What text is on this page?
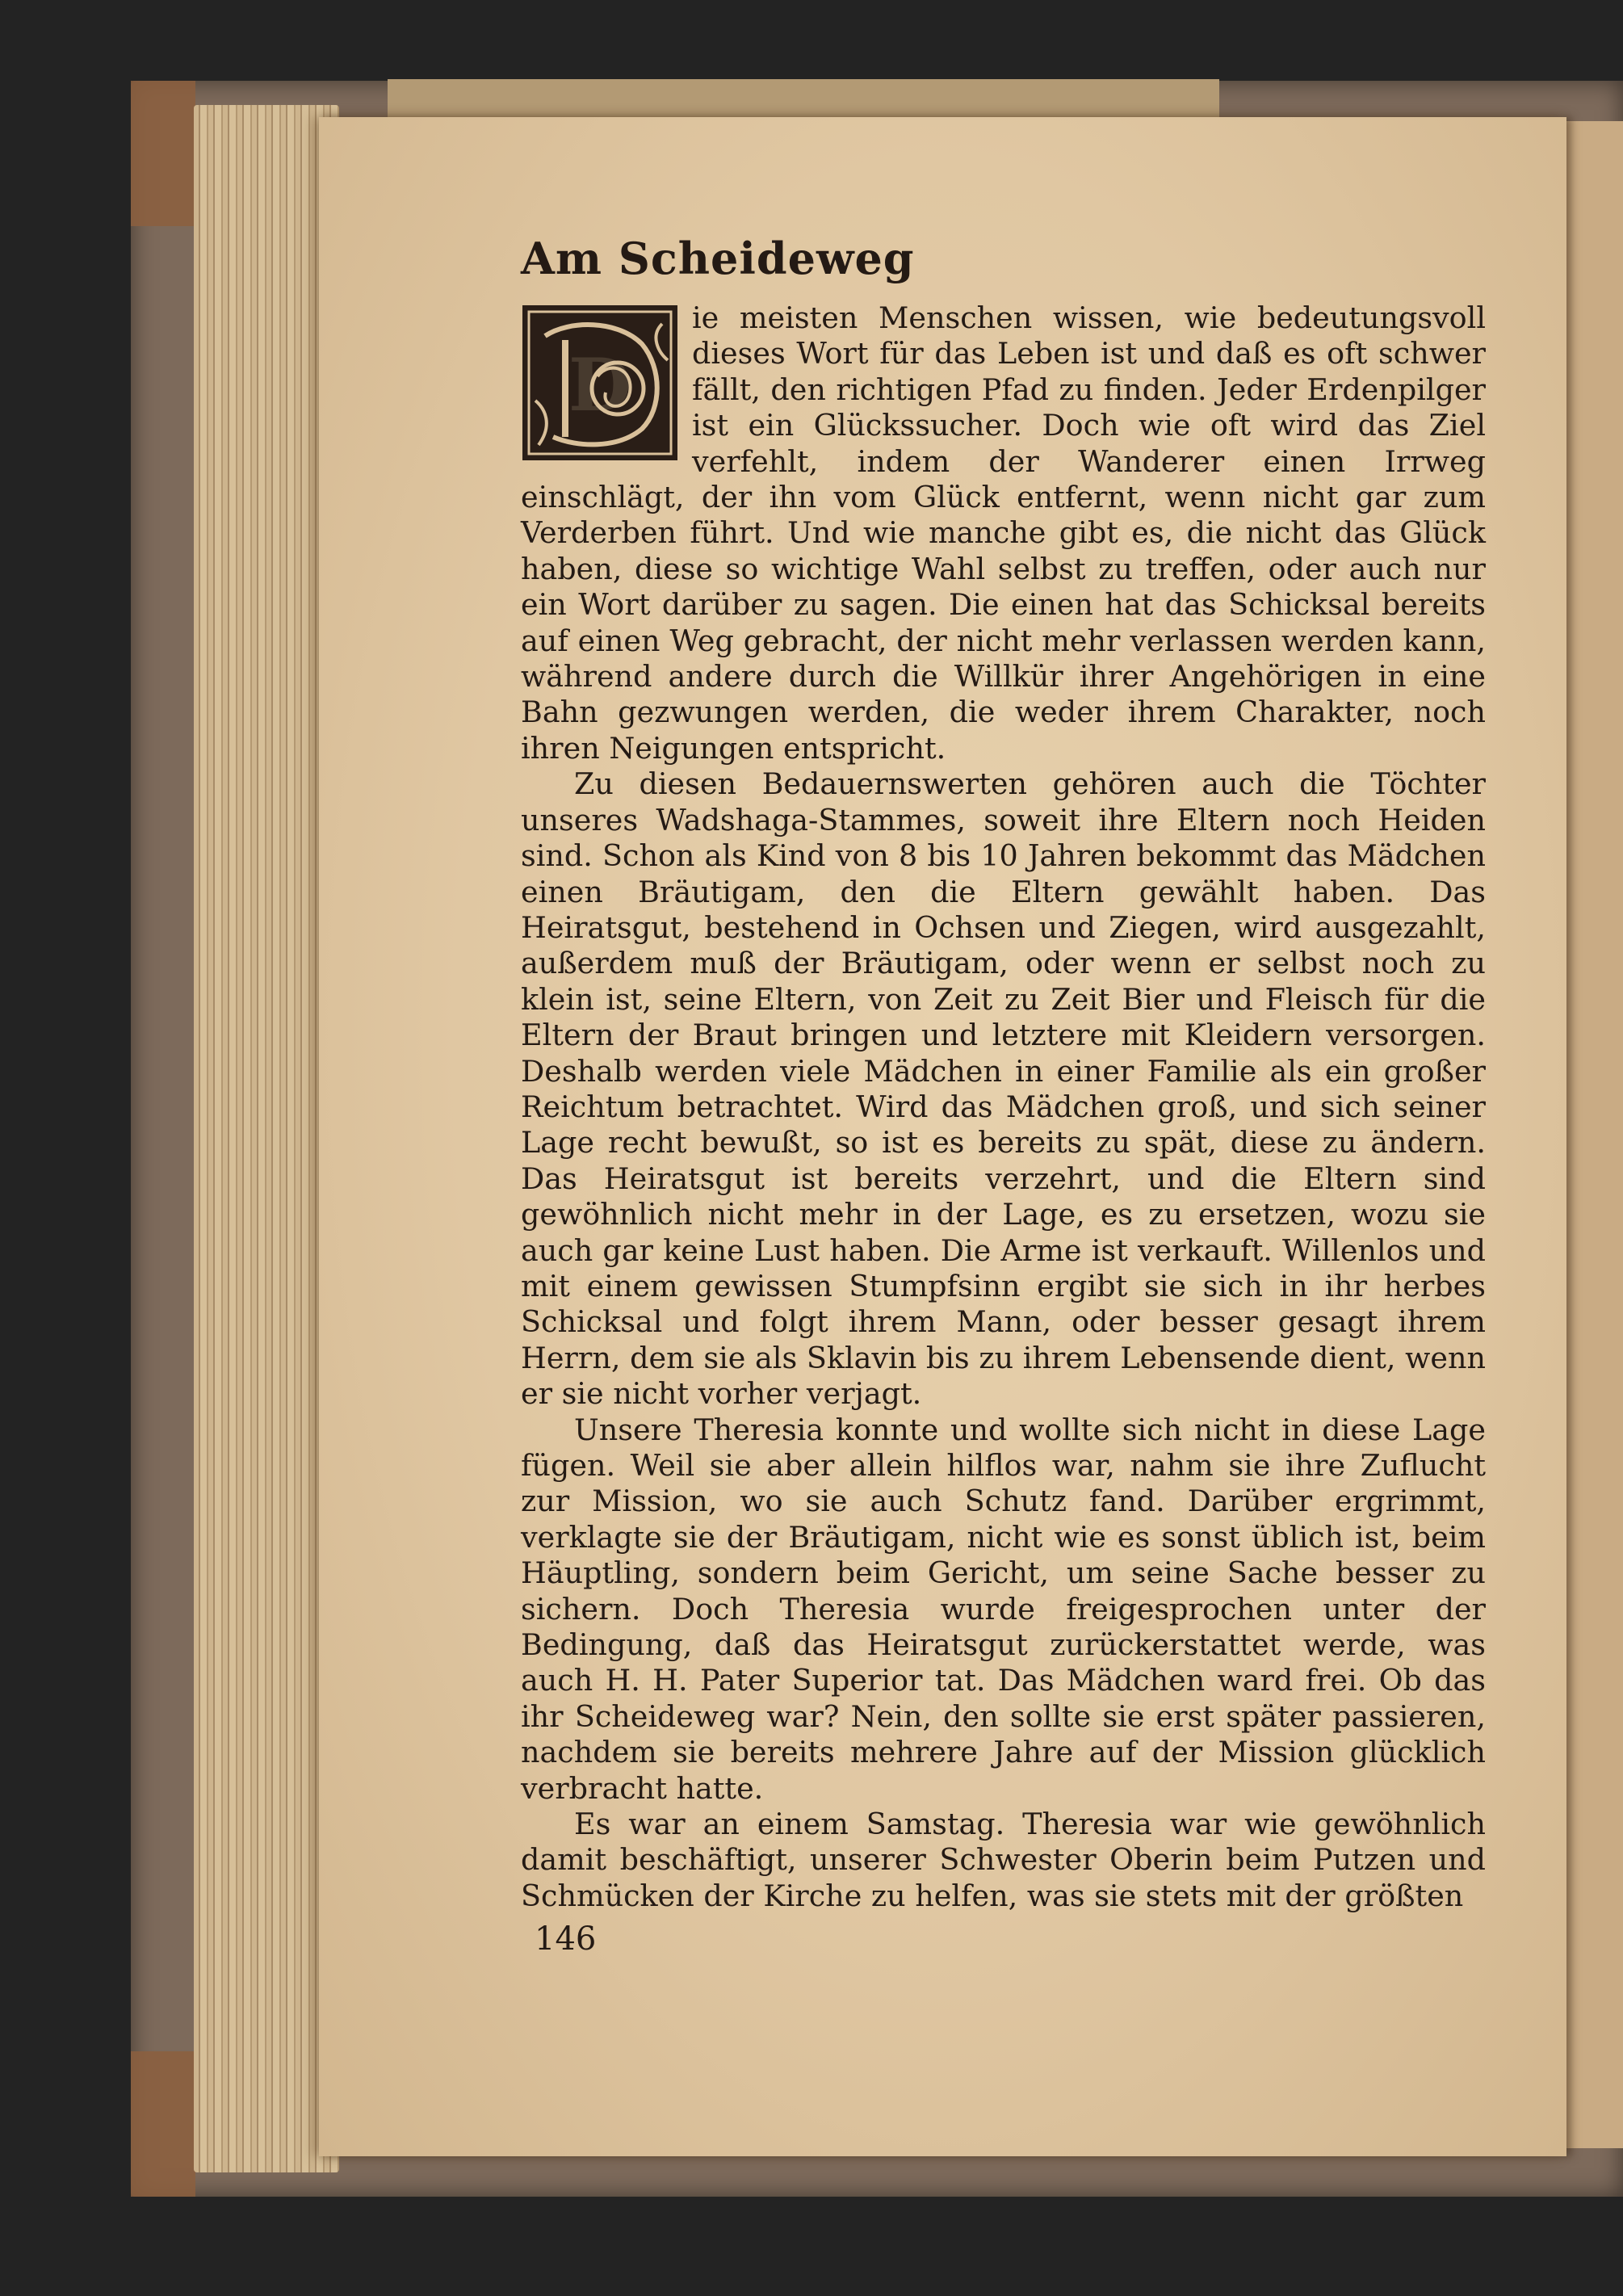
Am Scheideweg
D

ie meisten Menschen wissen, wie bedeutungsvoll dieses Wort für das Leben ist und daß es oft schwer fällt, den richtigen Pfad zu finden. Jeder Erdenpilger ist ein Glückssucher. Doch wie oft wird das Ziel verfehlt, indem der Wanderer einen Irrweg einschlägt, der ihn vom Glück entfernt, wenn nicht gar zum Verderben führt. Und wie manche gibt es, die nicht das Glück haben, diese so wichtige Wahl selbst zu treffen, oder auch nur ein Wort darüber zu sagen. Die einen hat das Schicksal bereits auf einen Weg gebracht, der nicht mehr verlassen werden kann, während andere durch die Willkür ihrer Angehörigen in eine Bahn gezwungen werden, die weder ihrem Charakter, noch ihren Neigungen entspricht.

Zu diesen Bedauernswerten gehören auch die Töchter unseres Wadshaga-Stammes, soweit ihre Eltern noch Heiden sind. Schon als Kind von 8 bis 10 Jahren bekommt das Mädchen einen Bräutigam, den die Eltern gewählt haben. Das Heiratsgut, bestehend in Ochsen und Ziegen, wird ausgezahlt, außerdem muß der Bräutigam, oder wenn er selbst noch zu klein ist, seine Eltern, von Zeit zu Zeit Bier und Fleisch für die Eltern der Braut bringen und letztere mit Kleidern versorgen. Deshalb werden viele Mädchen in einer Familie als ein großer Reichtum betrachtet. Wird das Mädchen groß, und sich seiner Lage recht bewußt, so ist es bereits zu spät, diese zu ändern. Das Heiratsgut ist bereits verzehrt, und die Eltern sind gewöhnlich nicht mehr in der Lage, es zu ersetzen, wozu sie auch gar keine Lust haben. Die Arme ist verkauft. Willenlos und mit einem gewissen Stumpfsinn ergibt sie sich in ihr herbes Schicksal und folgt ihrem Mann, oder besser gesagt ihrem Herrn, dem sie als Sklavin bis zu ihrem Lebensende dient, wenn er sie nicht vorher verjagt.

Unsere Theresia konnte und wollte sich nicht in diese Lage fügen. Weil sie aber allein hilflos war, nahm sie ihre Zuflucht zur Mission, wo sie auch Schutz fand. Darüber ergrimmt, verklagte sie der Bräutigam, nicht wie es sonst üblich ist, beim Häuptling, sondern beim Gericht, um seine Sache besser zu sichern. Doch Theresia wurde freigesprochen unter der Bedingung, daß das Heiratsgut zurückerstattet werde, was auch H. H. Pater Superior tat. Das Mädchen ward frei. Ob das ihr Scheideweg war? Nein, den sollte sie erst später passieren, nachdem sie bereits mehrere Jahre auf der Mission glücklich verbracht hatte.

Es war an einem Samstag. Theresia war wie gewöhnlich damit beschäftigt, unserer Schwester Oberin beim Putzen und Schmücken der Kirche zu helfen, was sie stets mit der größten

146
